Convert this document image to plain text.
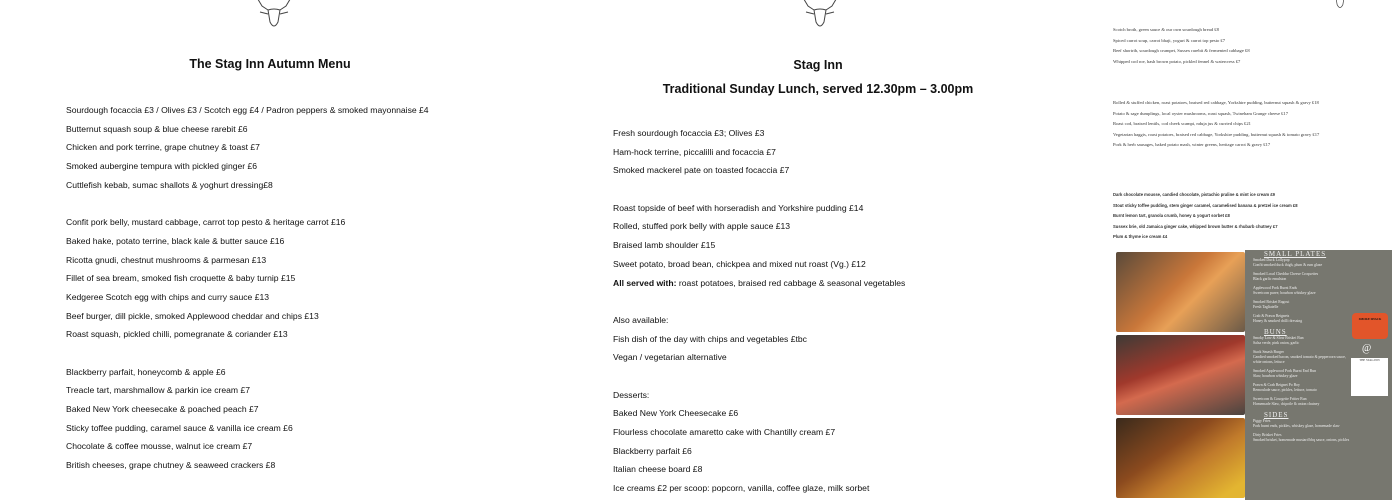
The Stag Inn Autumn Menu
Sourdough focaccia £3 / Olives £3 / Scotch egg £4 / Padron peppers & smoked mayonnaise £4
Butternut squash soup & blue cheese rarebit £6
Chicken and pork terrine, grape chutney & toast £7
Smoked aubergine tempura with pickled ginger £6
Cuttlefish kebab, sumac shallots & yoghurt dressing£8
Confit pork belly, mustard cabbage, carrot top pesto & heritage carrot £16
Baked hake, potato terrine, black kale & butter sauce £16
Ricotta gnudi, chestnut mushrooms & parmesan £13
Fillet of sea bream, smoked fish croquette & baby turnip £15
Kedgeree Scotch egg with chips and curry sauce £13
Beef burger, dill pickle, smoked Applewood cheddar and chips £13
Roast squash, pickled chilli, pomegranate & coriander £13
Blackberry parfait, honeycomb & apple £6
Treacle tart, marshmallow & parkin ice cream £7
Baked New York cheesecake & poached peach £7
Sticky toffee pudding, caramel sauce & vanilla ice cream £6
Chocolate & coffee mousse, walnut ice cream £7
British cheeses, grape chutney & seaweed crackers £8
Stag Inn
Traditional Sunday Lunch, served 12.30pm – 3.00pm
Fresh sourdough focaccia £3; Olives £3
Ham-hock terrine, piccalilli and focaccia £7
Smoked mackerel pate on toasted focaccia £7
Roast topside of beef with horseradish and Yorkshire pudding £14
Rolled, stuffed pork belly with apple sauce £13
Braised lamb shoulder £15
Sweet potato, broad bean, chickpea and mixed nut roast (Vg.) £12
All served with: roast potatoes, braised red cabbage & seasonal vegetables
Also available:
Fish dish of the day with chips and vegetables £tbc
Vegan / vegetarian alternative
Desserts:
Baked New York Cheesecake £6
Flourless chocolate amaretto cake with Chantilly cream £7
Blackberry parfait £6
Italian cheese board £8
Ice creams £2 per scoop: popcorn, vanilla, coffee glaze, milk sorbet
Scotch broth, green sauce & our own sourdough bread £8
Spiced carrot soup, carrot bhaji, yogurt & carrot top pesto £7
Beef shortrib, sourdough crumpet, Sussex rarebit & fermented cabbage £8
Whipped cod roe, hash brown potato, pickled fennel & watercress £7
Rolled & stuffed chicken, roast potatoes, braised red cabbage, Yorkshire pudding, butternut squash & gravy £18
Potato & sage dumplings, local oyster mushrooms, roast squash, Twineham Grange cheese £17
Roast cod, braised lentils, cod cheek scampi, nduja jus & curried chips £21
Vegetarian haggis, roast potatoes, braised red cabbage, Yorkshire pudding, butternut squash & tomato gravy £17
Pork & herb sausages, baked potato mash, winter greens, heritage carrot & gravy £17
Dark chocolate mousse, candied chocolate, pistachio praline & mint ice cream £9
Stout sticky toffee pudding, stem ginger caramel, caramelised banana & pretzel ice cream £8
Burnt lemon tart, granola crumb, honey & yogurt sorbet £8
Sussex brie, old Jamaica ginger cake, whipped brown butter & rhubarb chutney £7
Plum & thyme ice cream £4
SMALL PLATES
Smoked Duck Lollypop
Confit smoked duck thigh, plum & rum glaze
Smoked Local Cheddar Cheese Croquettes
Black garlic emulsion
Applewood Pork Burnt Ends
Sweetcorn puree, bourbon whiskey glaze
Smoked Brisket Ragout
Fresh Tagliatelle
Crab & Prawn Beignets
Honey & smoked chilli dressing
BUNS
Smoky Low & Slow Brisket Bun
Salsa verde, pink onion, garlic
Stack Smash Burger
Candied smoked bacon, smoked tomato & peppercorn sauce, white onions, lettuce
Smoked Applewood Pork Burnt End Bun
Slaw, bourbon whiskey glaze
Prawn & Crab Beignet Po Boy
Remoulade sauce, pickles, lettuce, tomato
Sweetcorn & Courgette Fritter Bun
Homemade Slaw, chipotle & onion chutney
SIDES
Piggy Fries
Pork burnt ends, pickles, whiskey glaze, homemade slaw
Dirty Brisket Fries
Smoked brisket, homemade mustard bbq sauce, onions, pickles
SMOKE SHACK
@
THE STAG INN
